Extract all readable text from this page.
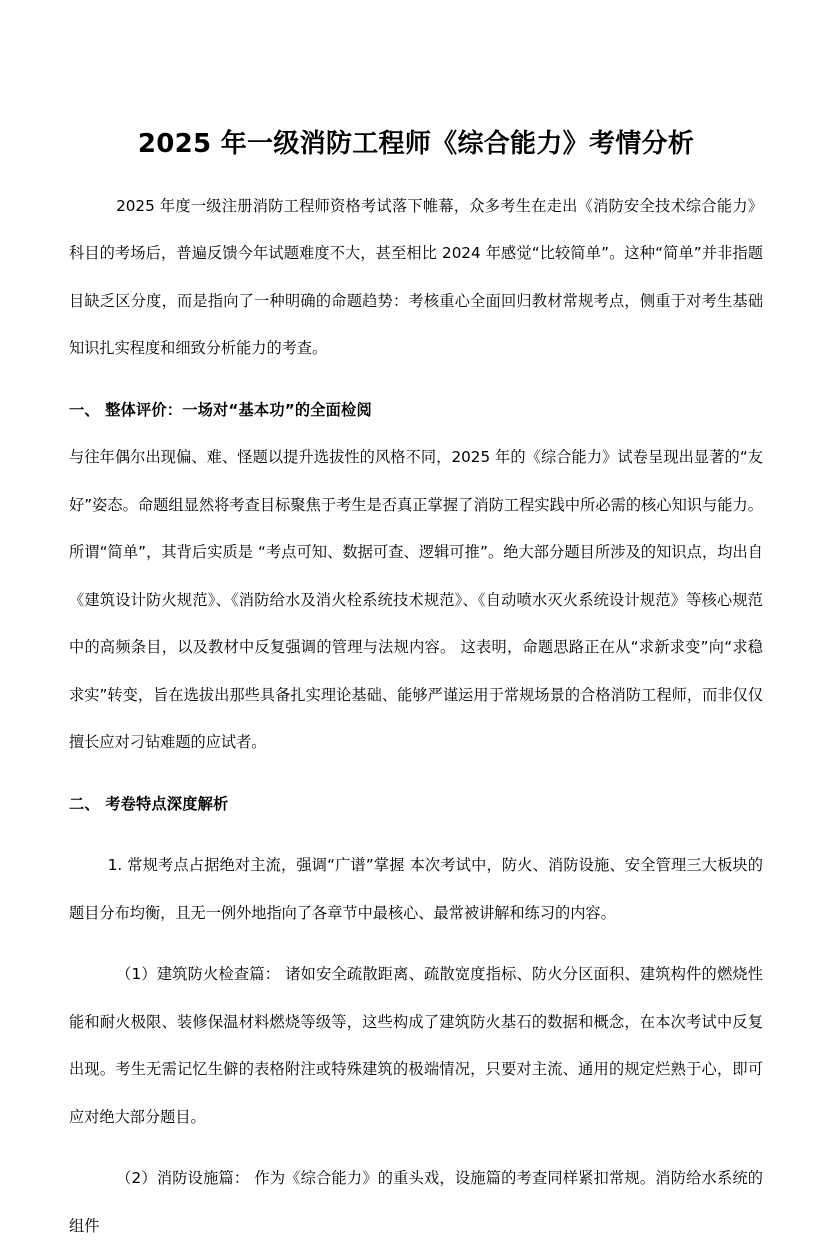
2025 年一级消防工程师《综合能力》考情分析

2025 年度一级注册消防工程师资格考试落下帷幕，众多考生在走出《消防安全技术综合能力》科目的考场后，普遍反馈今年试题难度不大，甚至相比 2024 年感觉“比较简单”。这种“简单”并非指题目缺乏区分度，而是指向了一种明确的命题趋势：考核重心全面回归教材常规考点，侧重于对考生基础知识扎实程度和细致分析能力的考查。

一、 整体评价：一场对“基本功”的全面检阅

与往年偶尔出现偏、难、怪题以提升选拔性的风格不同，2025 年的《综合能力》试卷呈现出显著的“友好”姿态。命题组显然将考查目标聚焦于考生是否真正掌握了消防工程实践中所必需的核心知识与能力。所谓“简单”，其背后实质是 “考点可知、数据可查、逻辑可推”。绝大部分题目所涉及的知识点，均出自《建筑设计防火规范》、《消防给水及消火栓系统技术规范》、《自动喷水灭火系统设计规范》等核心规范中的高频条目，以及教材中反复强调的管理与法规内容。 这表明，命题思路正在从“求新求变”向“求稳求实”转变，旨在选拔出那些具备扎实理论基础、能够严谨运用于常规场景的合格消防工程师，而非仅仅擅长应对刁钻难题的应试者。

二、 考卷特点深度解析

1. 常规考点占据绝对主流，强调“广谱”掌握 本次考试中，防火、消防设施、安全管理三大板块的题目分布均衡，且无一例外地指向了各章节中最核心、最常被讲解和练习的内容。

（1）建筑防火检查篇： 诸如安全疏散距离、疏散宽度指标、防火分区面积、建筑构件的燃烧性能和耐火极限、装修保温材料燃烧等级等，这些构成了建筑防火基石的数据和概念，在本次考试中反复出现。考生无需记忆生僻的表格附注或特殊建筑的极端情况，只要对主流、通用的规定烂熟于心，即可应对绝大部分题目。

（2）消防设施篇： 作为《综合能力》的重头戏，设施篇的考查同样紧扣常规。消防给水系统的组件
